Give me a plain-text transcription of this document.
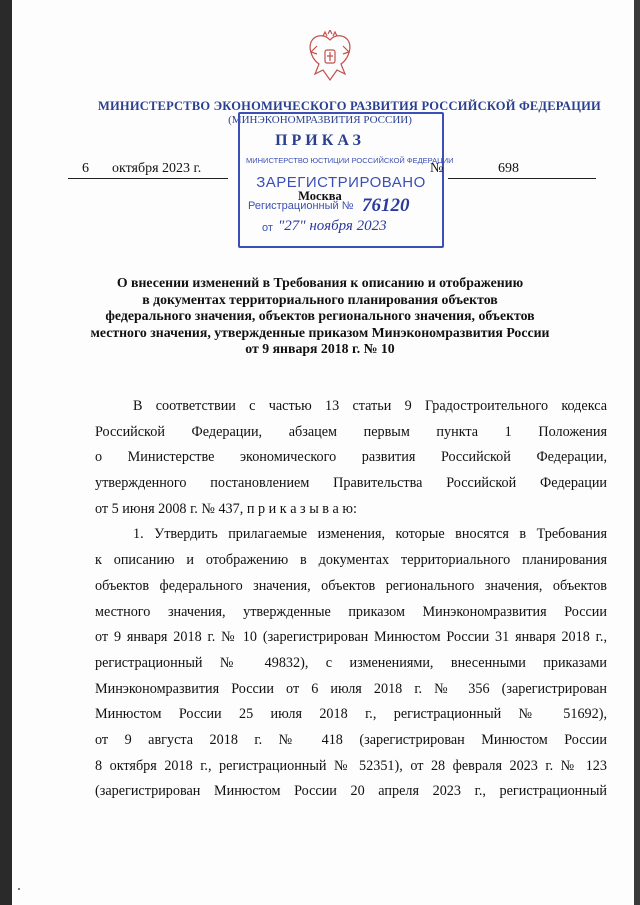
МИНИСТЕРСТВО ЭКОНОМИЧЕСКОГО РАЗВИТИЯ РОССИЙСКОЙ ФЕДЕРАЦИИ
(МИНЭКОНОМРАЗВИТИЯ РОССИИ)
ПРИКАЗ
МИНИСТЕРСТВО ЮСТИЦИИ РОССИЙСКОЙ ФЕДЕРАЦИИ
ЗАРЕГИСТРИРОВАНО
Регистрационный № 76120
от "27" ноября 2023
6 октября 2023 г.	№	698
Москва
О внесении изменений в Требования к описанию и отображению
в документах территориального планирования объектов
федерального значения, объектов регионального значения, объектов
местного значения, утвержденные приказом Минэкономразвития России
от 9 января 2018 г. № 10
В соответствии с частью 13 статьи 9 Градостроительного кодекса
Российской Федерации, абзацем первым пункта 1 Положения
о Министерстве экономического развития Российской Федерации,
утвержденного постановлением Правительства Российской Федерации
от 5 июня 2008 г. № 437, п р и к а з ы в а ю:
1. Утвердить прилагаемые изменения, которые вносятся в Требования
к описанию и отображению в документах территориального планирования
объектов федерального значения, объектов регионального значения, объектов
местного значения, утвержденные приказом Минэкономразвития России
от 9 января 2018 г. № 10 (зарегистрирован Минюстом России 31 января 2018 г.,
регистрационный № 49832), с изменениями, внесенными приказами
Минэкономразвития России от 6 июля 2018 г. № 356 (зарегистрирован
Минюстом России 25 июля 2018 г., регистрационный № 51692),
от 9 августа 2018 г. № 418 (зарегистрирован Минюстом России
8 октября 2018 г., регистрационный № 52351), от 28 февраля 2023 г. № 123
(зарегистрирован Минюстом России 20 апреля 2023 г., регистрационный
